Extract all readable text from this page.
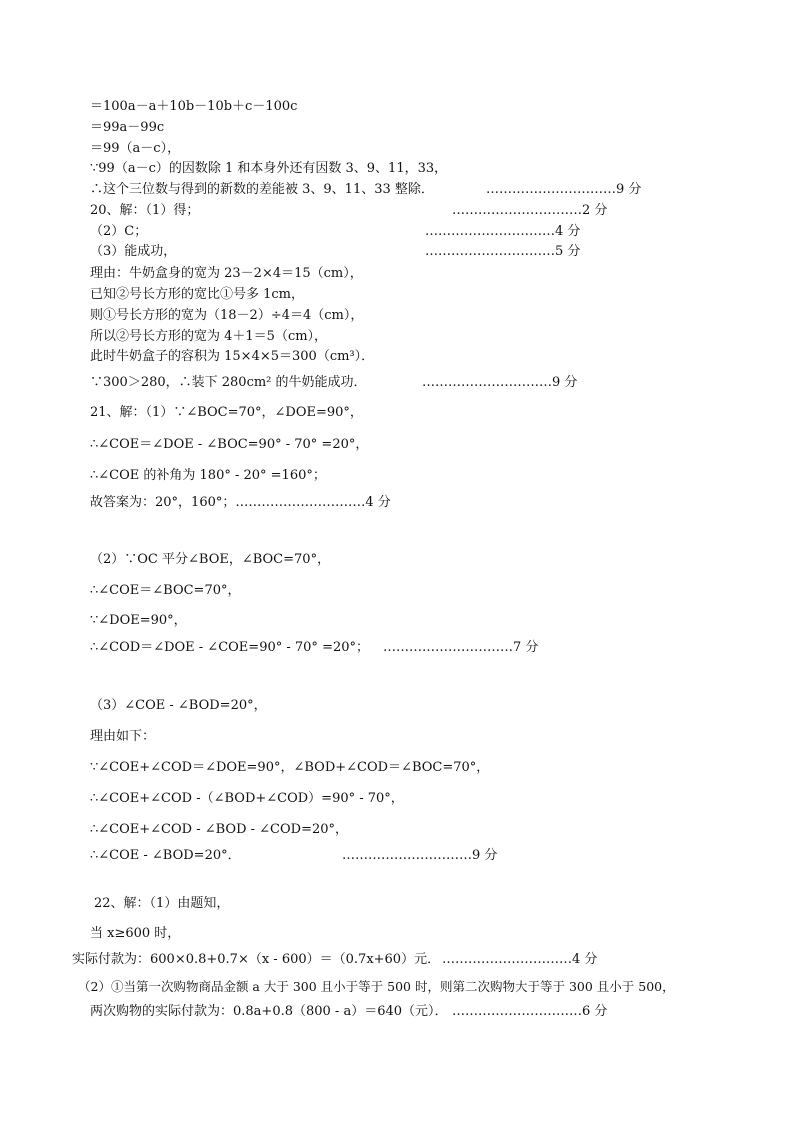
＝100a－a＋10b－10b＋c－100c
＝99a－99c
＝99（a－c），
∵99（a－c）的因数除 1 和本身外还有因数 3、9、11，33，
∴这个三位数与得到的新数的差能被 3、9、11、33 整除．	…………………………9 分
20、解：（1）得；	…………………………2 分
（2）C；	…………………………4 分
（3）能成功，	…………………………5 分
理由：牛奶盒身的宽为 23－2×4＝15（cm），
已知②号长方形的宽比①号多 1cm，
则①号长方形的宽为（18－2）÷4＝4（cm），
所以②号长方形的宽为 4＋1＝5（cm），
此时牛奶盒子的容积为 15×4×5＝300（cm³）．
∵300＞280，∴装下 280cm² 的牛奶能成功．	…………………………9 分
21、解：（1）∵∠BOC=70°，∠DOE=90°，
∴∠COE＝∠DOE - ∠BOC=90° - 70° =20°，
∴∠COE 的补角为 180° - 20° =160°；
故答案为：20°，160°；…………………………4 分
（2）∵OC 平分∠BOE，∠BOC=70°，
∴∠COE＝∠BOC=70°，
∵∠DOE=90°，
∴∠COD＝∠DOE - ∠COE=90° - 70° =20°； …………………………7 分
（3）∠COE - ∠BOD=20°，
理由如下：
∵∠COE+∠COD＝∠DOE=90°，∠BOD+∠COD＝∠BOC=70°，
∴∠COE+∠COD -（∠BOD+∠COD）=90° - 70°，
∴∠COE+∠COD - ∠BOD - ∠COD=20°，
∴∠COE - ∠BOD=20°．	…………………………9 分
22、解：（1）由题知，
当 x≥600 时，
实际付款为：600×0.8+0.7×（x - 600）＝（0.7x+60）元． …………………………4 分
（2）①当第一次购物商品金额 a 大于 300 且小于等于 500 时，则第二次购物大于等于 300 且小于 500，
两次购物的实际付款为：0.8a+0.8（800 - a）＝640（元）． …………………………6 分
